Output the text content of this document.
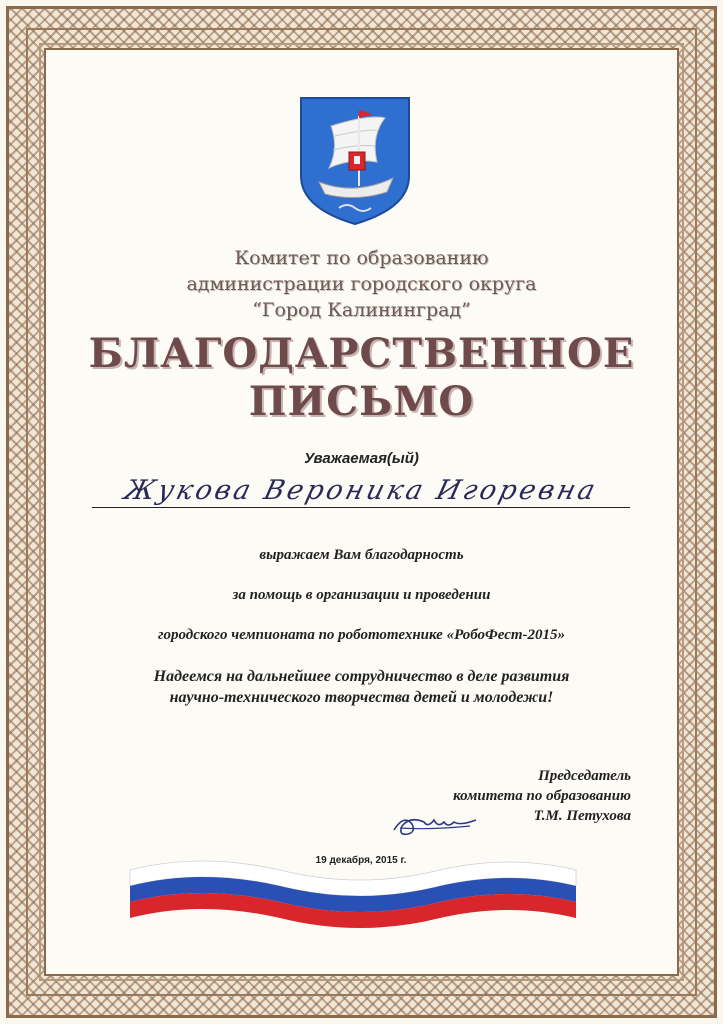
Комитет по образованию
администрации городского округа
“Город Калининград”
БЛАГОДАРСТВЕННОЕ
ПИСЬМО
Уважаемая(ый)
Жукова Вероника Игоревна
выражаем Вам благодарность
за помощь в организации и проведении
городского чемпионата по робототехнике «РобоФест-2015»
Надеемся на дальнейшее сотрудничество в деле развития
научно-технического творчества детей и молодежи!
Председатель
комитета по образованию
Т.М. Петухова
19 декабря, 2015 г.
